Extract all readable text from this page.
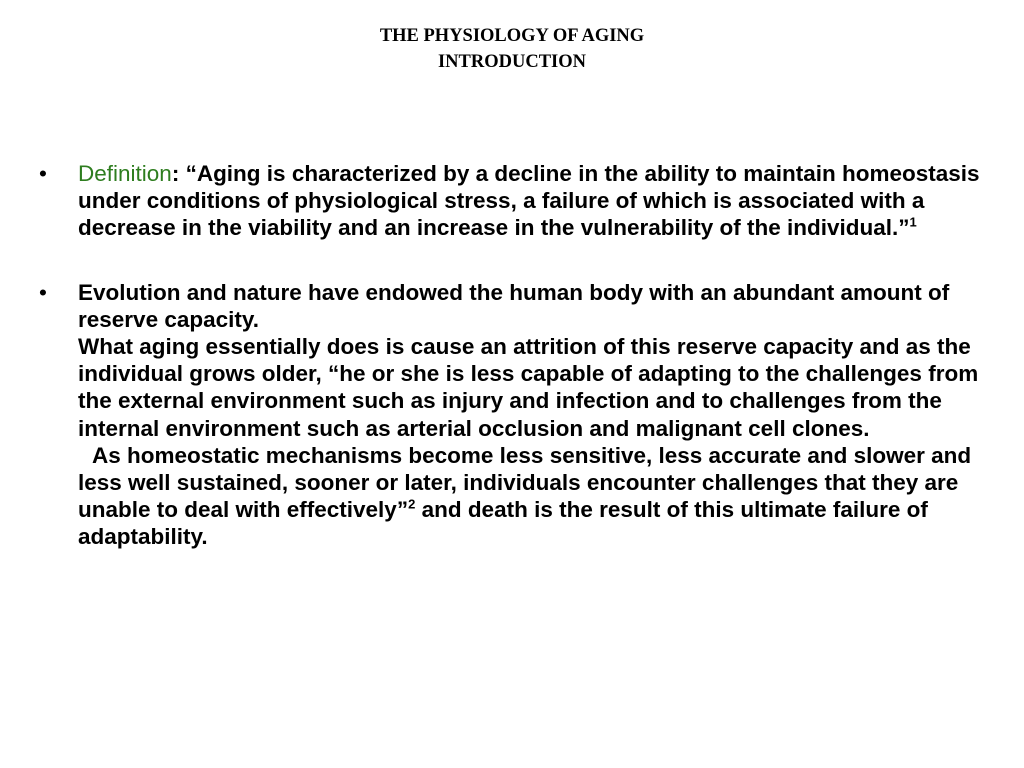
THE PHYSIOLOGY OF AGING
INTRODUCTION
• Definition: “Aging is characterized by a decline in the ability to maintain homeostasis under conditions of physiological stress, a failure of which is associated with a decrease in the viability and an increase in the vulnerability of the individual.”$^1$

• Evolution and nature have endowed the human body with an abundant amount of reserve capacity.

What aging essentially does is cause an attrition of this reserve capacity and as the individual grows older, “he or she is less capable of adapting to the challenges from the external environment such as injury and infection and to challenges from the internal environment such as arterial occlusion and malignant cell clones.

As homeostatic mechanisms become less sensitive, less accurate and slower and less well sustained, sooner or later, individuals encounter challenges that they are unable to deal with effectively”$^2$ and death is the result of this ultimate failure of adaptability.
